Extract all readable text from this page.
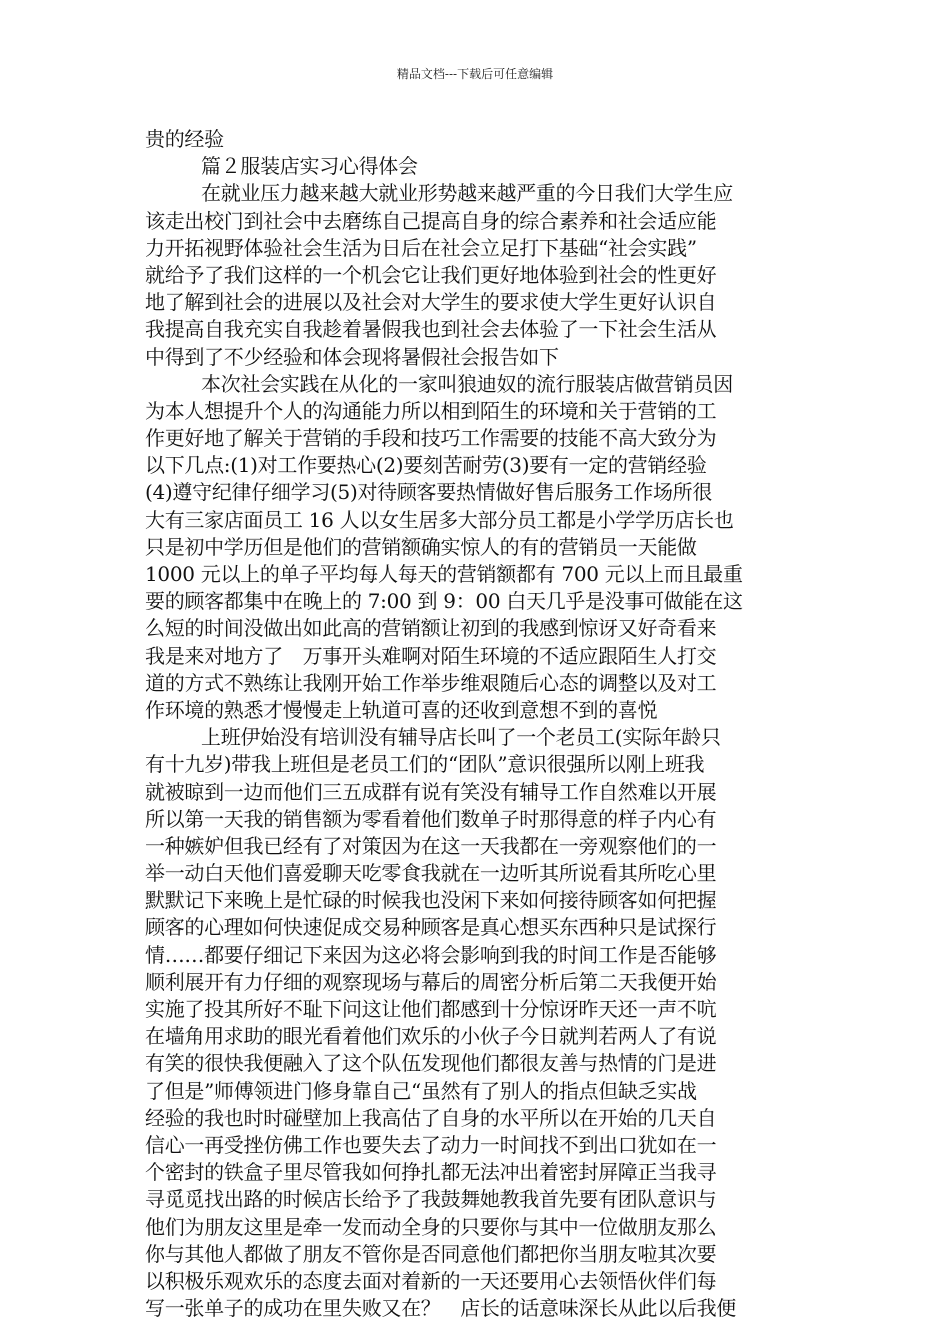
精品文档---下载后可任意编辑
贵的经验
篇２服装店实习心得体会
在就业压力越来越大就业形势越来越严重的今日我们大学生应
该走出校门到社会中去磨练自己提高自身的综合素养和社会适应能
力开拓视野体验社会生活为日后在社会立足打下基础“社会实践”
就给予了我们这样的一个机会它让我们更好地体验到社会的性更好
地了解到社会的进展以及社会对大学生的要求使大学生更好认识自
我提高自我充实自我趁着暑假我也到社会去体验了一下社会生活从
中得到了不少经验和体会现将暑假社会报告如下
本次社会实践在从化的一家叫狼迪奴的流行服装店做营销员因
为本人想提升个人的沟通能力所以相到陌生的环境和关于营销的工
作更好地了解关于营销的手段和技巧工作需要的技能不高大致分为
以下几点:(1)对工作要热心(2)要刻苦耐劳(3)要有一定的营销经验
(4)遵守纪律仔细学习(5)对待顾客要热情做好售后服务工作场所很
大有三家店面员工 16 人以女生居多大部分员工都是小学学历店长也
只是初中学历但是他们的营销额确实惊人的有的营销员一天能做
1000 元以上的单子平均每人每天的营销额都有 700 元以上而且最重
要的顾客都集中在晚上的 7:00 到 9：00 白天几乎是没事可做能在这
么短的时间没做出如此高的营销额让初到的我感到惊讶又好奇看来
我是来对地方了　万事开头难啊对陌生环境的不适应跟陌生人打交
道的方式不熟练让我刚开始工作举步维艰随后心态的调整以及对工
作环境的熟悉才慢慢走上轨道可喜的还收到意想不到的喜悦
上班伊始没有培训没有辅导店长叫了一个老员工(实际年龄只
有十九岁)带我上班但是老员工们的“团队”意识很强所以刚上班我
就被晾到一边而他们三五成群有说有笑没有辅导工作自然难以开展
所以第一天我的销售额为零看着他们数单子时那得意的样子内心有
一种嫉妒但我已经有了对策因为在这一天我都在一旁观察他们的一
举一动白天他们喜爱聊天吃零食我就在一边听其所说看其所吃心里
默默记下来晚上是忙碌的时候我也没闲下来如何接待顾客如何把握
顾客的心理如何快速促成交易种顾客是真心想买东西种只是试探行
情……都要仔细记下来因为这必将会影响到我的时间工作是否能够
顺利展开有力仔细的观察现场与幕后的周密分析后第二天我便开始
实施了投其所好不耻下问这让他们都感到十分惊讶昨天还一声不吭
在墙角用求助的眼光看着他们欢乐的小伙子今日就判若两人了有说
有笑的很快我便融入了这个队伍发现他们都很友善与热情的门是进
了但是”师傅领进门修身靠自己“虽然有了别人的指点但缺乏实战
经验的我也时时碰壁加上我高估了自身的水平所以在开始的几天自
信心一再受挫仿佛工作也要失去了动力一时间找不到出口犹如在一
个密封的铁盒子里尽管我如何挣扎都无法冲出着密封屏障正当我寻
寻觅觅找出路的时候店长给予了我鼓舞她教我首先要有团队意识与
他们为朋友这里是牵一发而动全身的只要你与其中一位做朋友那么
你与其他人都做了朋友不管你是否同意他们都把你当朋友啦其次要
以积极乐观欢乐的态度去面对着新的一天还要用心去领悟伙伴们每
写一张单子的成功在里失败又在？　店长的话意味深长从此以后我便
